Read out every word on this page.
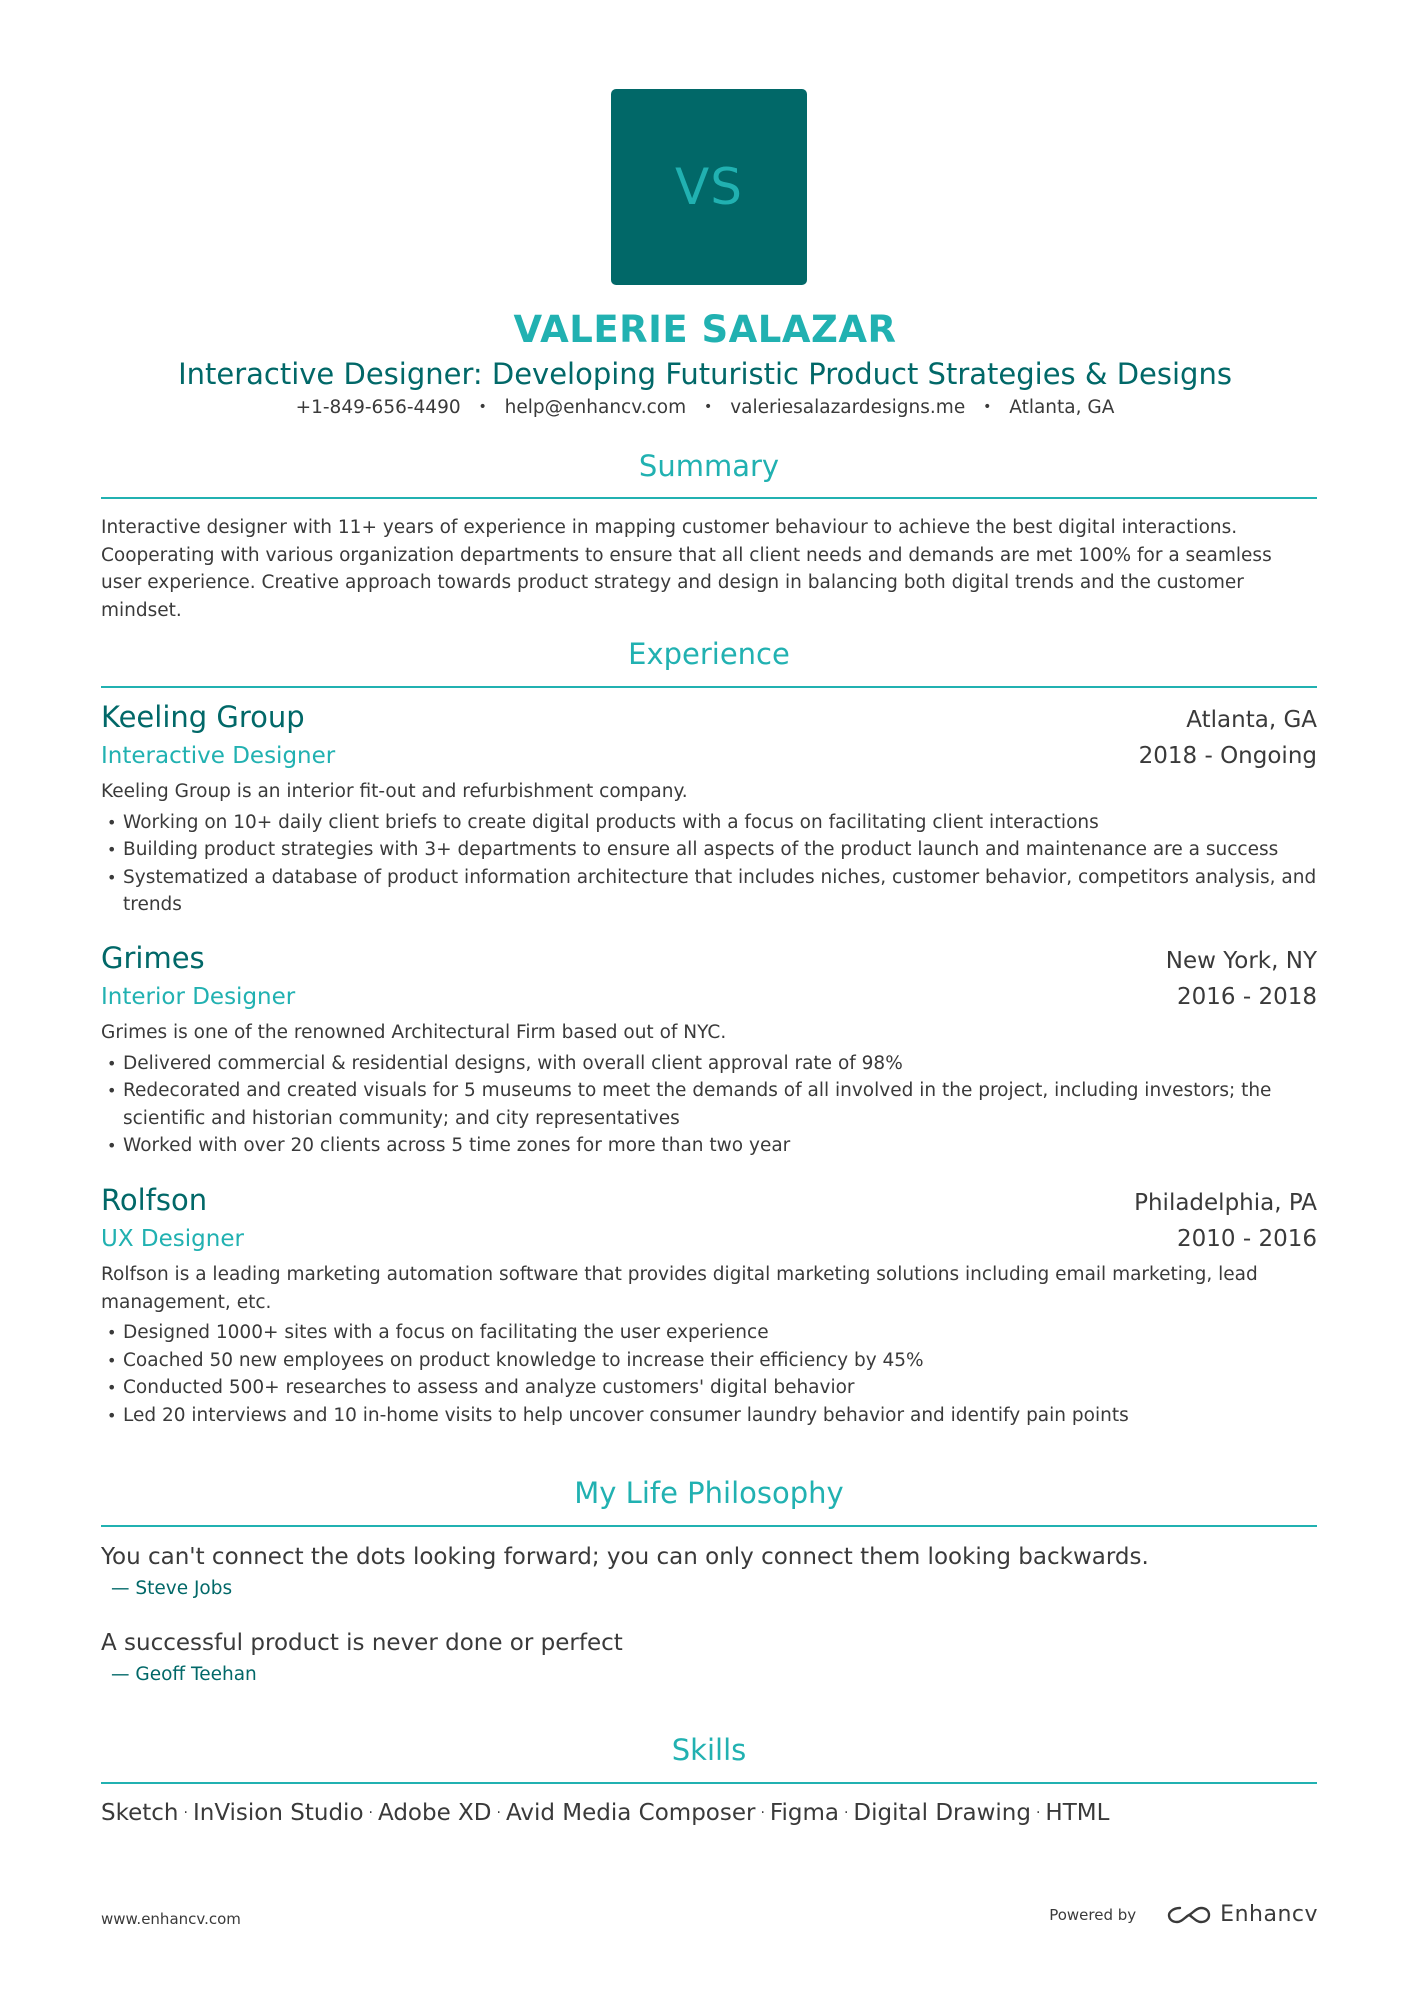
VS
VALERIE SALAZAR
Interactive Designer: Developing Futuristic Product Strategies & Designs
+1-849-656-4490 • help@enhancv.com • valeriesalazardesigns.me • Atlanta, GA
Summary
Interactive designer with 11+ years of experience in mapping customer behaviour to achieve the best digital interactions. Cooperating with various organization departments to ensure that all client needs and demands are met 100% for a seamless user experience. Creative approach towards product strategy and design in balancing both digital trends and the customer mindset.
Experience
Keeling Group	Atlanta, GA
Interactive Designer	2018 - Ongoing
Keeling Group is an interior fit-out and refurbishment company.
• Working on 10+ daily client briefs to create digital products with a focus on facilitating client interactions
• Building product strategies with 3+ departments to ensure all aspects of the product launch and maintenance are a success
• Systematized a database of product information architecture that includes niches, customer behavior, competitors analysis, and trends
Grimes	New York, NY
Interior Designer	2016 - 2018
Grimes is one of the renowned Architectural Firm based out of NYC.
• Delivered commercial & residential designs, with overall client approval rate of 98%
• Redecorated and created visuals for 5 museums to meet the demands of all involved in the project, including investors; the scientific and historian community; and city representatives
• Worked with over 20 clients across 5 time zones for more than two year
Rolfson	Philadelphia, PA
UX Designer	2010 - 2016
Rolfson is a leading marketing automation software that provides digital marketing solutions including email marketing, lead management, etc.
• Designed 1000+ sites with a focus on facilitating the user experience
• Coached 50 new employees on product knowledge to increase their efficiency by 45%
• Conducted 500+ researches to assess and analyze customers' digital behavior
• Led 20 interviews and 10 in-home visits to help uncover consumer laundry behavior and identify pain points
My Life Philosophy
You can't connect the dots looking forward; you can only connect them looking backwards.
— Steve Jobs
A successful product is never done or perfect
— Geoff Teehan
Skills
Sketch · InVision Studio · Adobe XD · Avid Media Composer · Figma · Digital Drawing · HTML
www.enhancv.com	Powered by	Enhancv
